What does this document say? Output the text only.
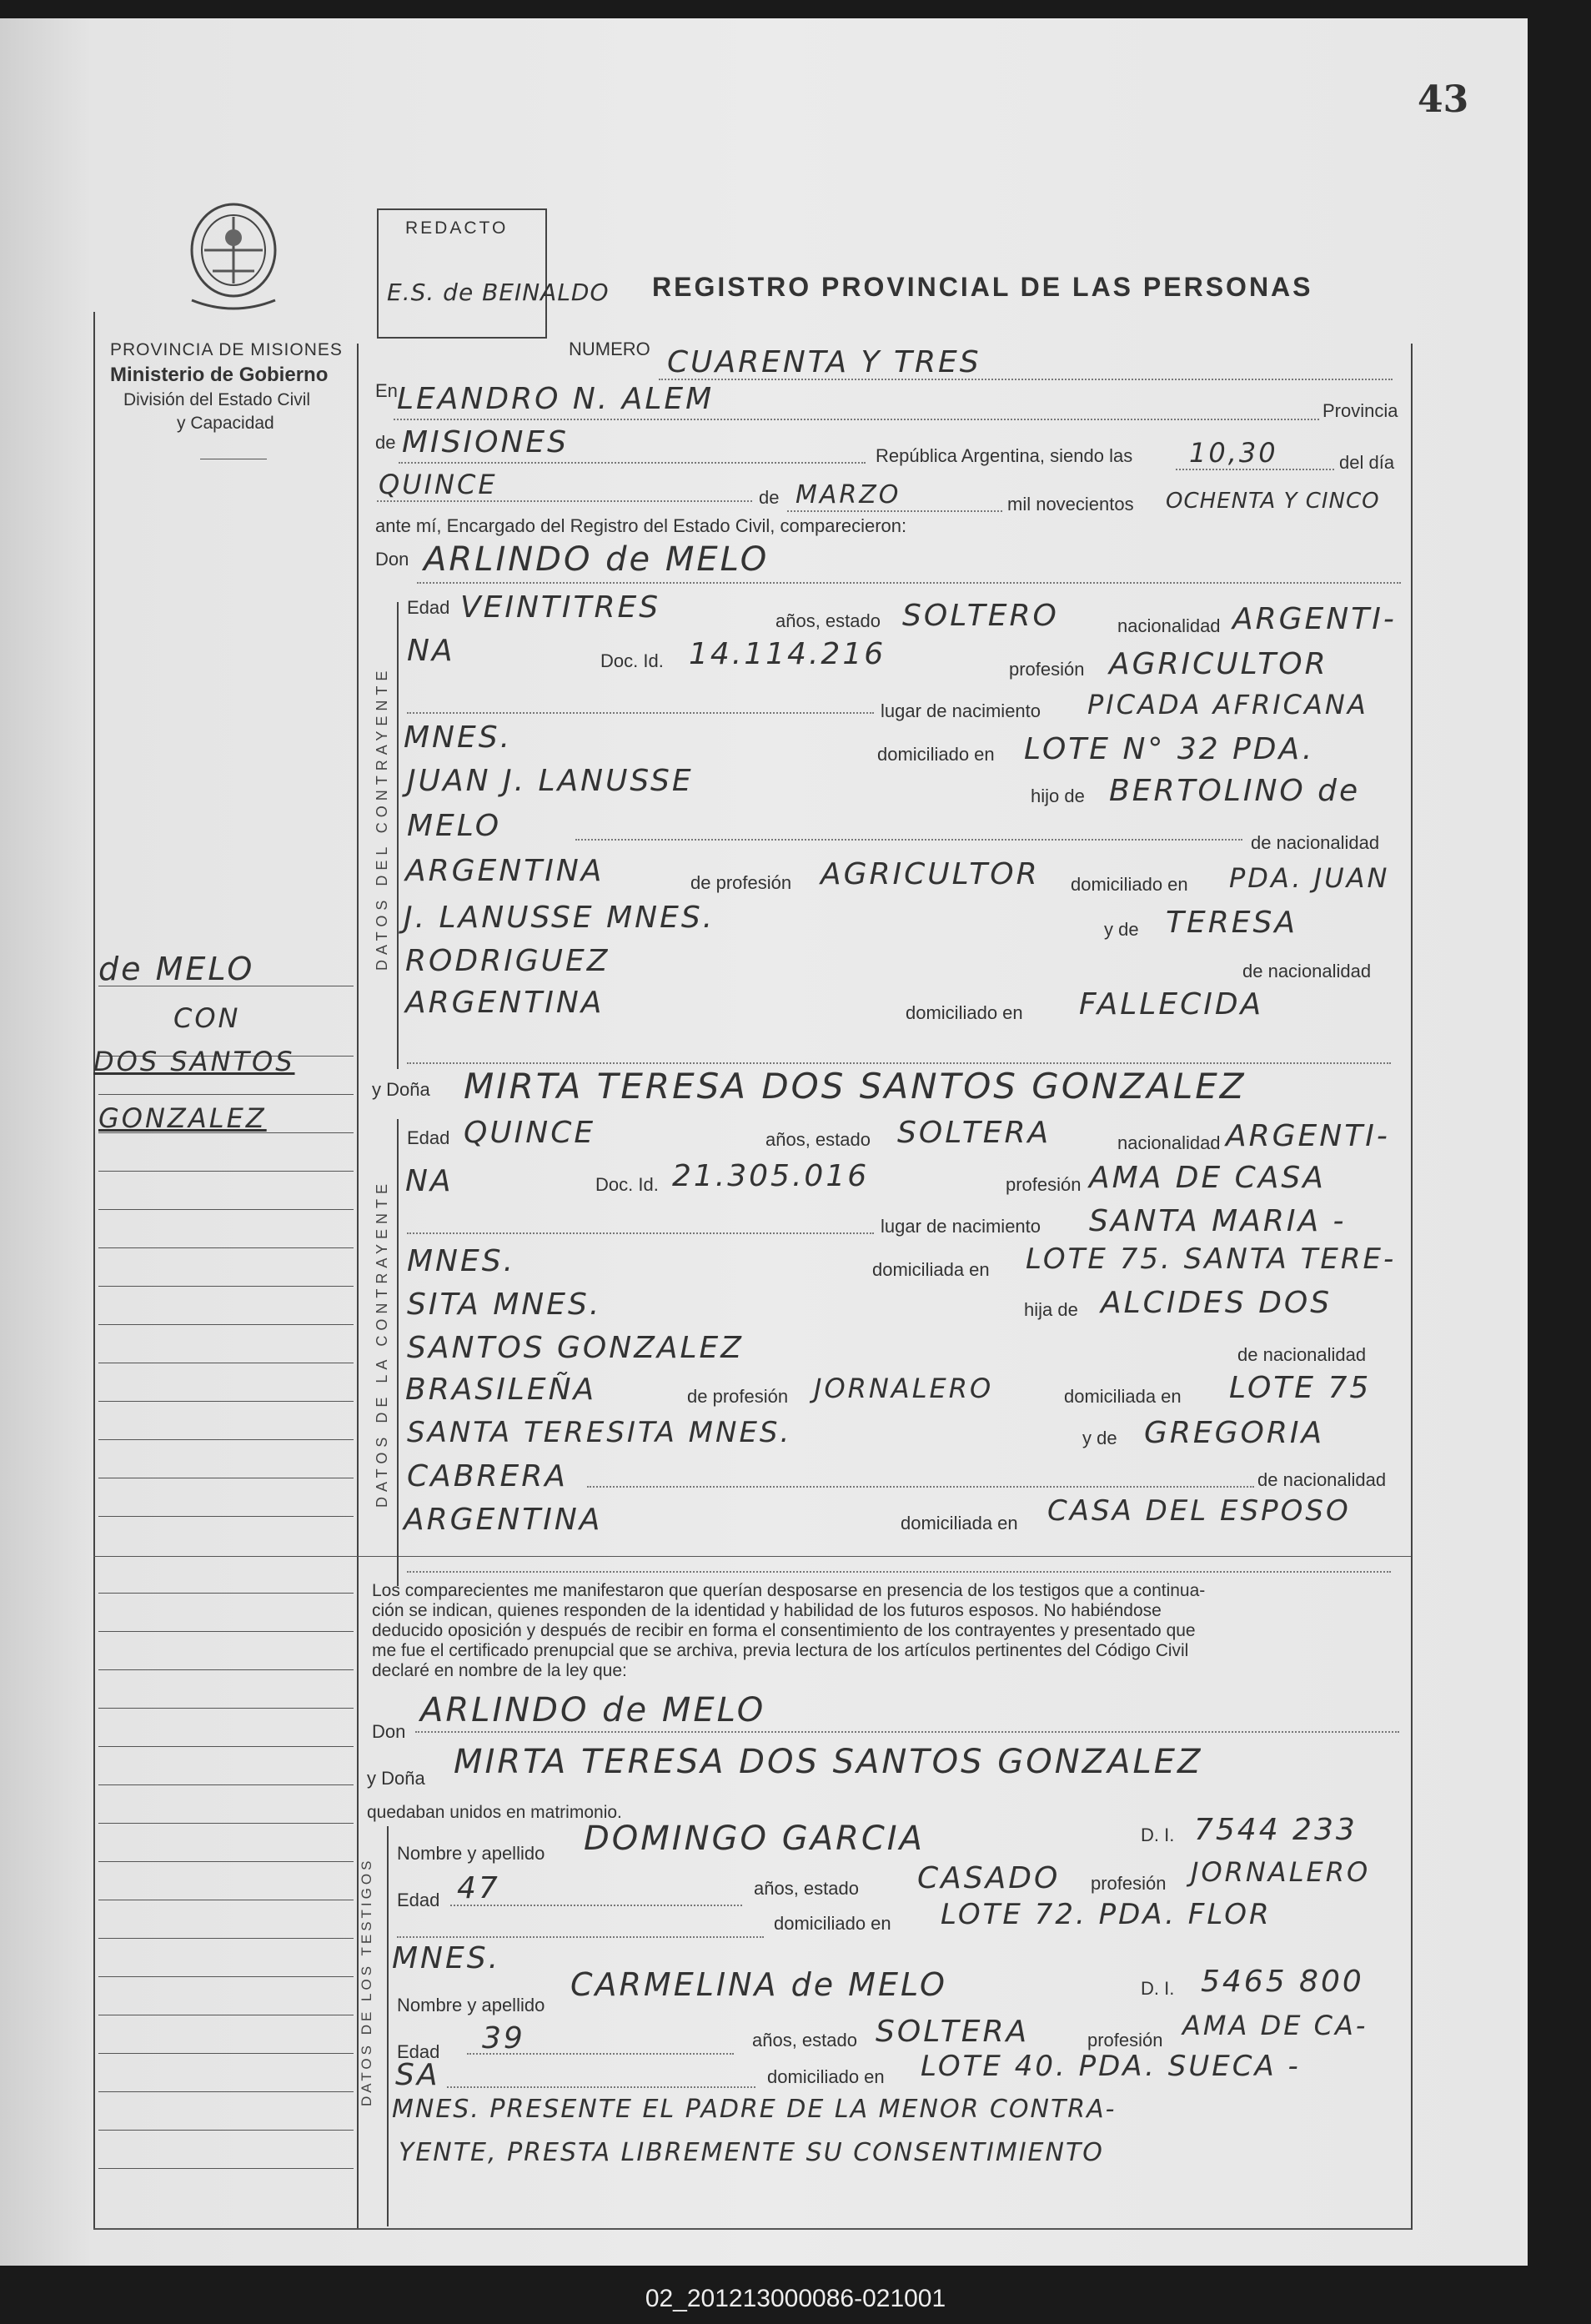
43
PROVINCIA DE MISIONES
Ministerio de Gobierno
División del Estado Civil
y Capacidad
REDACTO
E.S. de BEINALDO REGISTRO PROVINCIAL DE LAS PERSONAS
de MELO
CON
DOS SANTOS
GONZALEZ
NUMERO CUARENTA Y TRES
En LEANDRO N. ALEM	Provincia
de MISIONES	República Argentina, siendo las 10,30	del día
QUINCE	de MARZO	mil novecientos OCHENTA Y CINCO
ante mí, Encargado del Registro del Estado Civil, comparecieron:
Don ARLINDO de MELO
DATOS DEL CONTRAYENTE
Edad VEINTITRES	años, estado SOLTERO	nacionalidad ARGENTI-
NA	Doc. Id. 14.114.216	profesión AGRICULTOR
lugar de nacimiento PICADA AFRICANA
MNES.	domiciliado en LOTE N° 32 PDA.
JUAN J. LANUSSE	hijo de BERTOLINO de
MELO	de nacionalidad
ARGENTINA	de profesión AGRICULTOR domiciliado en PDA. JUAN
J. LANUSSE MNES.	y de TERESA
RODRIGUEZ	de nacionalidad
ARGENTINA	domiciliado en FALLECIDA
y Doña MIRTA TERESA DOS SANTOS GONZALEZ
DATOS DE LA CONTRAYENTE
Edad QUINCE	años, estado SOLTERA	nacionalidad ARGENTI-
NA	Doc. Id. 21.305.016	profesión AMA DE CASA
lugar de nacimiento SANTA MARIA -
MNES.	domiciliada en LOTE 75. SANTA TERE-
SITA MNES.	hija de ALCIDES DOS
SANTOS GONZALEZ	de nacionalidad
BRASILEÑA	de profesión JORNALERO	domiciliada en LOTE 75
SANTA TERESITA MNES.	y de GREGORIA
CABRERA	de nacionalidad
ARGENTINA	domiciliada en CASA DEL ESPOSO
Los comparecientes me manifestaron que querían desposarse en presencia de los testigos que a continua-
ción se indican, quienes responden de la identidad y habilidad de los futuros esposos. No habiéndose
deducido oposición y después de recibir en forma el consentimiento de los contrayentes y presentado que
me fue el certificado prenupcial que se archiva, previa lectura de los artículos pertinentes del Código Civil
declaré en nombre de la ley que:
Don
ARLINDO de MELO
y Doña MIRTA TERESA DOS SANTOS GONZALEZ
quedaban unidos en matrimonio.
DATOS DE LOS TESTIGOS
Nombre y apellido DOMINGO GARCIA	D. I. 7544 233
Edad 47	años, estado CASADO profesión JORNALERO
domiciliado en LOTE 72. PDA. FLOR
MNES.
Nombre y apellido
CARMELINA de MELO	D. I. 5465 800
Edad 39	años, estado SOLTERA	profesión AMA DE CA-
SA	domiciliado en LOTE 40. PDA. SUECA -
MNES. PRESENTE EL PADRE DE LA MENOR CONTRA-
YENTE, PRESTA LIBREMENTE SU CONSENTIMIENTO
02_201213000086-021001
